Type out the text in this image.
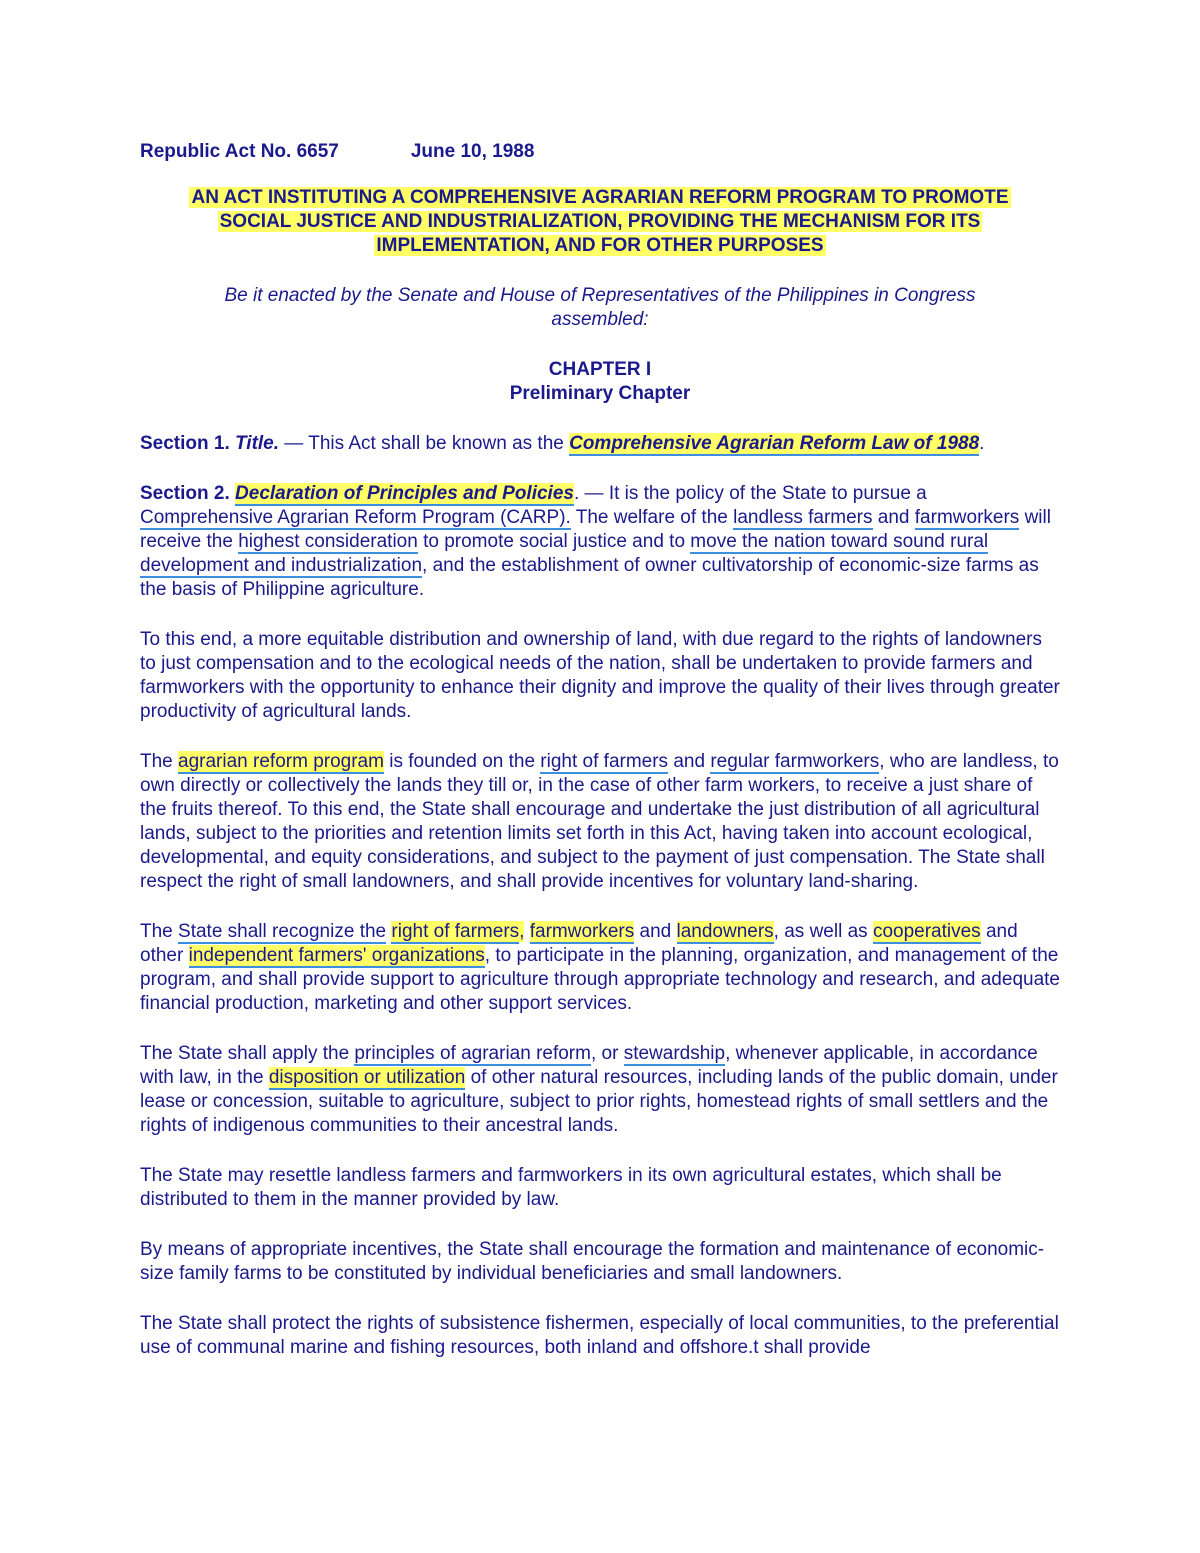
Republic Act No. 6657	June 10, 1988
AN ACT INSTITUTING A COMPREHENSIVE AGRARIAN REFORM PROGRAM TO PROMOTE
SOCIAL JUSTICE AND INDUSTRIALIZATION, PROVIDING THE MECHANISM FOR ITS
IMPLEMENTATION, AND FOR OTHER PURPOSES
Be it enacted by the Senate and House of Representatives of the Philippines in Congress assembled:
CHAPTER I
Preliminary Chapter

Section 1. Title. — This Act shall be known as the Comprehensive Agrarian Reform Law of 1988.

Section 2. Declaration of Principles and Policies. — It is the policy of the State to pursue a Comprehensive Agrarian Reform Program (CARP). The welfare of the landless farmers and farmworkers will receive the highest consideration to promote social justice and to move the nation toward sound rural development and industrialization, and the establishment of owner cultivatorship of economic-size farms as the basis of Philippine agriculture.

To this end, a more equitable distribution and ownership of land, with due regard to the rights of landowners to just compensation and to the ecological needs of the nation, shall be undertaken to provide farmers and farmworkers with the opportunity to enhance their dignity and improve the quality of their lives through greater productivity of agricultural lands.

The agrarian reform program is founded on the right of farmers and regular farmworkers, who are landless, to own directly or collectively the lands they till or, in the case of other farm workers, to receive a just share of the fruits thereof. To this end, the State shall encourage and undertake the just distribution of all agricultural lands, subject to the priorities and retention limits set forth in this Act, having taken into account ecological, developmental, and equity considerations, and subject to the payment of just compensation. The State shall respect the right of small landowners, and shall provide incentives for voluntary land-sharing.

The State shall recognize the right of farmers, farmworkers and landowners, as well as cooperatives and other independent farmers' organizations, to participate in the planning, organization, and management of the program, and shall provide support to agriculture through appropriate technology and research, and adequate financial production, marketing and other support services.

The State shall apply the principles of agrarian reform, or stewardship, whenever applicable, in accordance with law, in the disposition or utilization of other natural resources, including lands of the public domain, under lease or concession, suitable to agriculture, subject to prior rights, homestead rights of small settlers and the rights of indigenous communities to their ancestral lands.

The State may resettle landless farmers and farmworkers in its own agricultural estates, which shall be distributed to them in the manner provided by law.

By means of appropriate incentives, the State shall encourage the formation and maintenance of economic-size family farms to be constituted by individual beneficiaries and small landowners.

The State shall protect the rights of subsistence fishermen, especially of local communities, to the preferential use of communal marine and fishing resources, both inland and offshore.t shall provide
